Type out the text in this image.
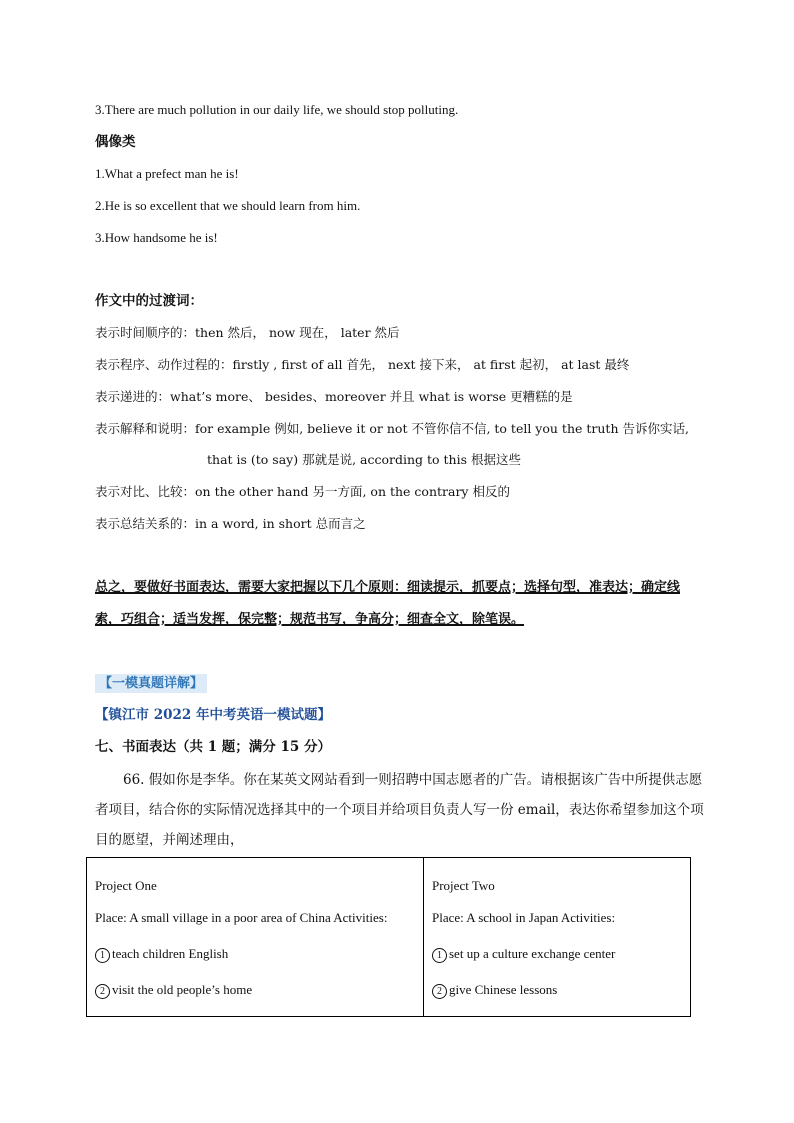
3.There are much pollution in our daily life, we should stop polluting.
偶像类
1.What a prefect man he is!
2.He is so excellent that we should learn from him.
3.How handsome he is!
作文中的过渡词：
表示时间顺序的：then 然后， now 现在， later 然后
表示程序、动作过程的：firstly , first of all 首先， next 接下来， at first 起初， at last 最终
表示递进的：what’s more、 besides、moreover 并且 what is worse 更糟糕的是
表示解释和说明：for example 例如, believe it or not 不管你信不信, to tell you the truth 告诉你实话,
that is (to say) 那就是说, according to this 根据这些
表示对比、比较：on the other hand 另一方面, on the contrary 相反的
表示总结关系的：in a word, in short 总而言之
总之，要做好书面表达，需要大家把握以下几个原则：细读提示，抓要点；选择句型，准表达；确定线索，巧组合；适当发挥，保完整；规范书写，争高分；细查全文，除笔误。
【一模真题详解】
【镇江市 2022 年中考英语一模试题】
七、书面表达（共 1 题；满分 15 分）
66. 假如你是李华。你在某英文网站看到一则招聘中国志愿者的广告。请根据该广告中所提供志愿者项目，结合你的实际情况选择其中的一个项目并给项目负责人写一份 email，表达你希望参加这个项目的愿望，并阐述理由，
Project One
Place: A small village in a poor area of China Activities:
1 teach children English
2 visit the old people’s home

Project Two
Place: A school in Japan Activities:
1 set up a culture exchange center
2 give Chinese lessons
